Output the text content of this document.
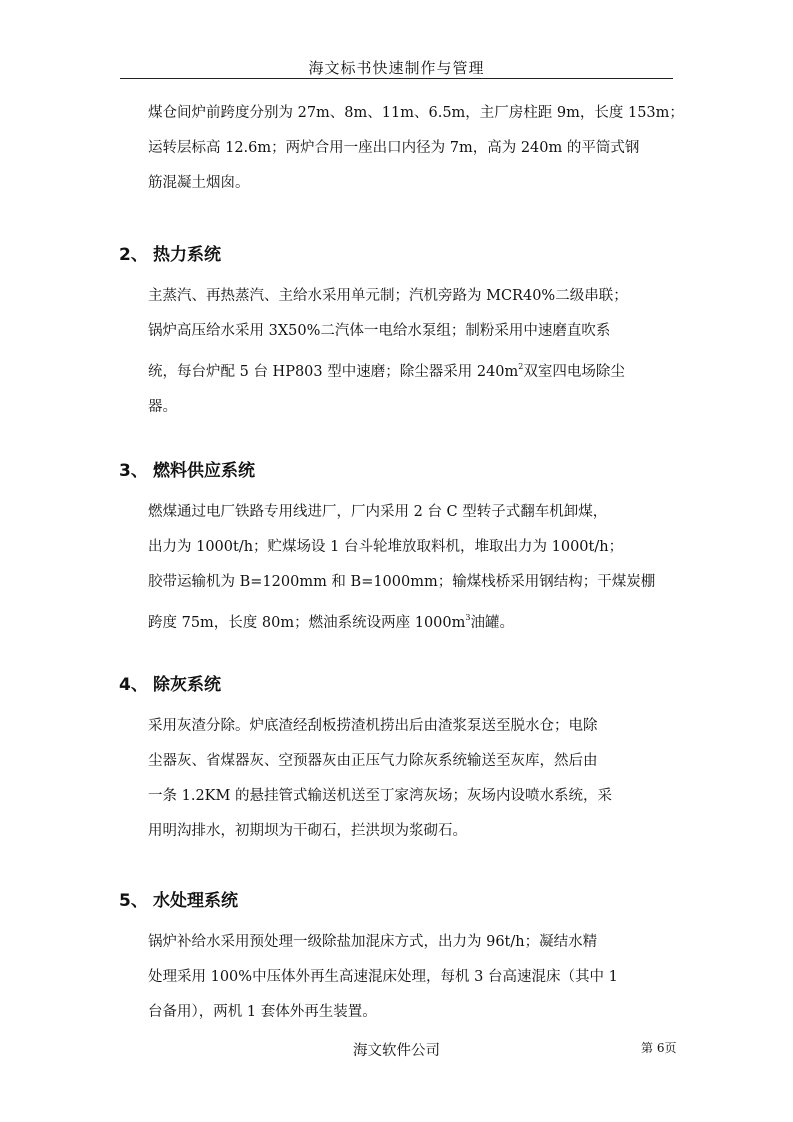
海文标书快速制作与管理

煤仓间炉前跨度分别为 27m、8m、11m、6.5m，主厂房柱距 9m，长度 153m；

运转层标高 12.6m；两炉合用一座出口内径为 7m，高为 240m 的平筒式钢

筋混凝土烟囱。

2、 热力系统

主蒸汽、再热蒸汽、主给水采用单元制；汽机旁路为 MCR40%二级串联；

锅炉高压给水采用 3X50%二汽体一电给水泵组；制粉采用中速磨直吹系

统，每台炉配 5 台 HP803 型中速磨；除尘器采用 $240m^2$双室四电场除尘

器。

3、 燃料供应系统

燃煤通过电厂铁路专用线进厂，厂内采用 2 台 C 型转子式翻车机卸煤，

出力为 1000t/h；贮煤场设 1 台斗轮堆放取料机，堆取出力为 1000t/h；

胶带运输机为 B=1200mm 和 B=1000mm；输煤栈桥采用钢结构；干煤炭棚

跨度 75m，长度 80m；燃油系统设两座 $1000m^3$油罐。

4、 除灰系统

采用灰渣分除。炉底渣经刮板捞渣机捞出后由渣浆泵送至脱水仓；电除

尘器灰、省煤器灰、空预器灰由正压气力除灰系统输送至灰库，然后由

一条 1.2KM 的悬挂管式输送机送至丁家湾灰场；灰场内设喷水系统，采

用明沟排水，初期坝为干砌石，拦洪坝为浆砌石。

5、 水处理系统

锅炉补给水采用预处理一级除盐加混床方式，出力为 96t/h；凝结水精

处理采用 100%中压体外再生高速混床处理，每机 3 台高速混床（其中 1

台备用），两机 1 套体外再生装置。

海文软件公司	第 6页
